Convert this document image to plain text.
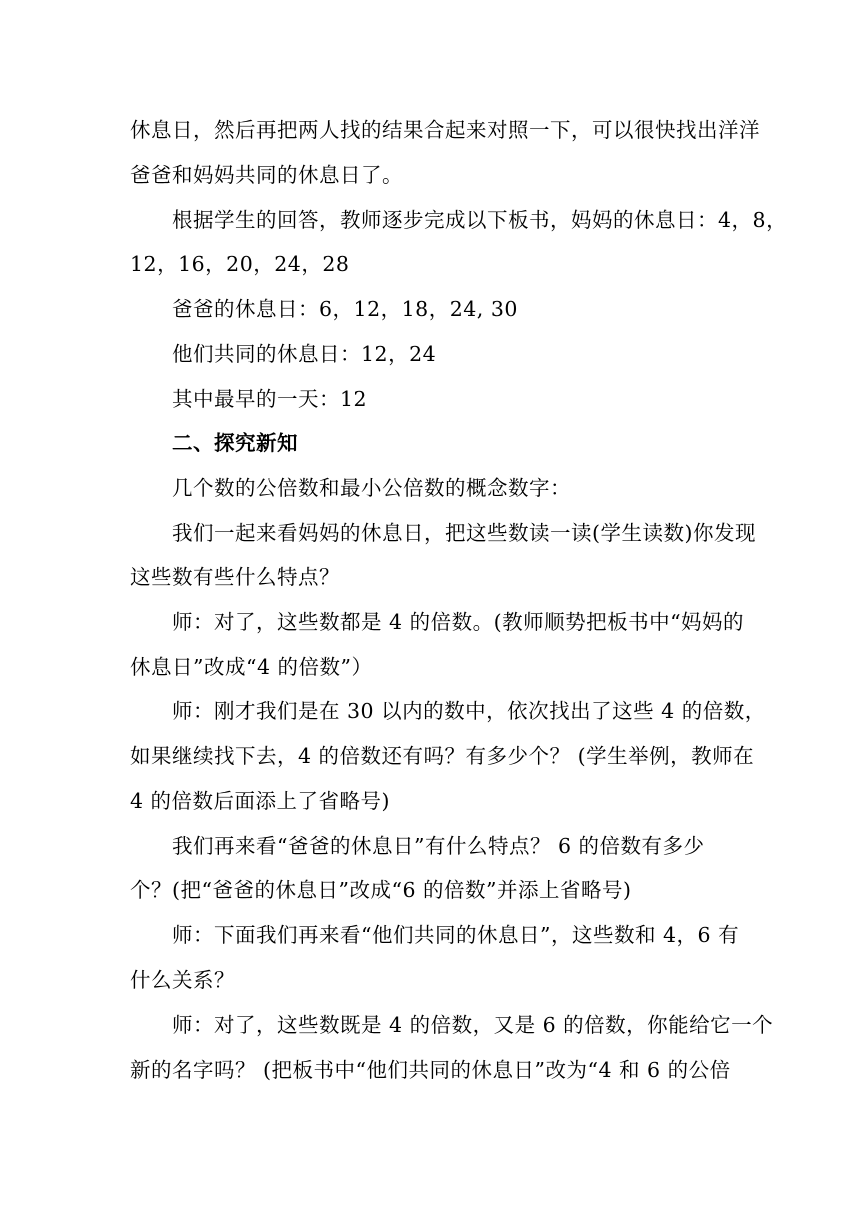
休息日，然后再把两人找的结果合起来对照一下，可以很快找出洋洋
爸爸和妈妈共同的休息日了。
根据学生的回答，教师逐步完成以下板书，妈妈的休息日：4，8，
12，16，20，24，28
爸爸的休息日：6，12，18，24, 30
他们共同的休息日：12，24
其中最早的一天：12
二、探究新知
几个数的公倍数和最小公倍数的概念数字：
我们一起来看妈妈的休息日，把这些数读一读(学生读数)你发现
这些数有些什么特点？
师：对了，这些数都是 4 的倍数。(教师顺势把板书中“妈妈的
休息日”改成“4 的倍数”）
师：刚才我们是在 30 以内的数中，依次找出了这些 4 的倍数，
如果继续找下去，4 的倍数还有吗？有多少个？ (学生举例，教师在
4 的倍数后面添上了省略号)
我们再来看“爸爸的休息日”有什么特点？ 6 的倍数有多少
个？(把“爸爸的休息日”改成“6 的倍数”并添上省略号)
师：下面我们再来看“他们共同的休息日”，这些数和 4，6 有
什么关系？
师：对了，这些数既是 4 的倍数，又是 6 的倍数，你能给它一个
新的名字吗？ (把板书中“他们共同的休息日”改为“4 和 6 的公倍
